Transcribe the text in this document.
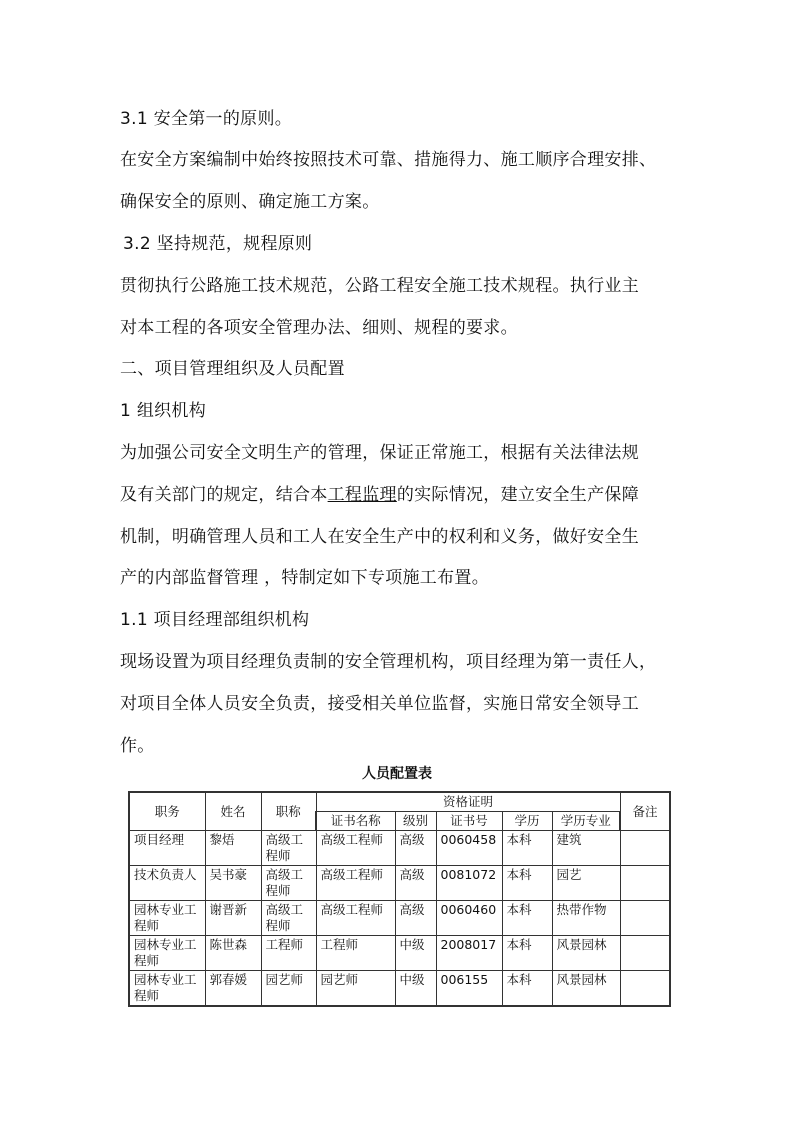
3.1 安全第一的原则。

在安全方案编制中始终按照技术可靠、措施得力、施工顺序合理安排、

确保安全的原则、确定施工方案。

3.2 坚持规范，规程原则

贯彻执行公路施工技术规范，公路工程安全施工技术规程。执行业主

对本工程的各项安全管理办法、细则、规程的要求。

二、项目管理组织及人员配置

1 组织机构

为加强公司安全文明生产的管理，保证正常施工，根据有关法律法规

及有关部门的规定，结合本工程监理的实际情况，建立安全生产保障

机制，明确管理人员和工人在安全生产中的权利和义务，做好安全生

产的内部监督管理 ，特制定如下专项施工布置。

1.1 项目经理部组织机构

现场设置为项目经理负责制的安全管理机构，项目经理为第一责任人，

对项目全体人员安全负责，接受相关单位监督，实施日常安全领导工

作。

人员配置表
职务	姓名	职称	资格证明					备注
			证书名称	级别	证书号	学历	学历专业	
项目经理	黎焐	高级工程师	高级工程师	高级	0060458	本科	建筑	
技术负责人	吴书豪	高级工程师	高级工程师	高级	0081072	本科	园艺	
园林专业工程师	谢晋新	高级工程师	高级工程师	高级	0060460	本科	热带作物	
园林专业工程师	陈世森	工程师	工程师	中级	2008017	本科	风景园林	
园林专业工程师	郭春媛	园艺师	园艺师	中级	006155	本科	风景园林	
